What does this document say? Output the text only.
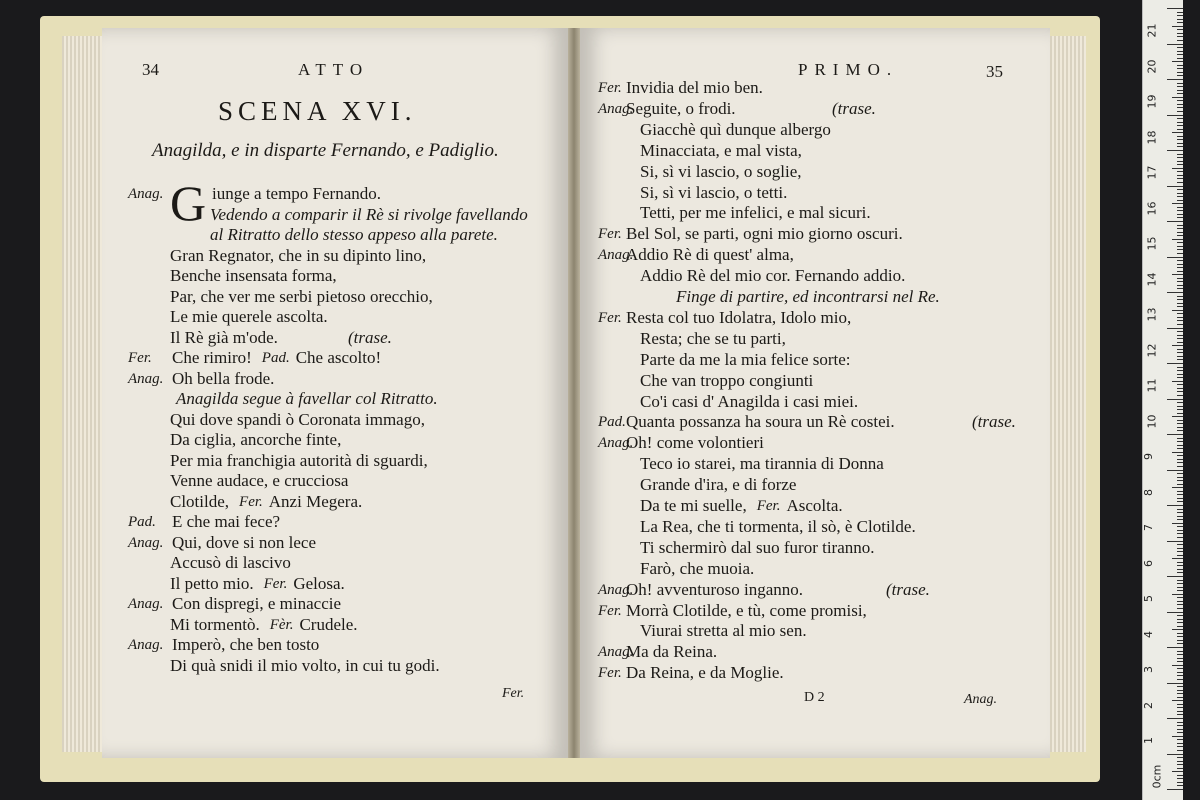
34	ATTO
SCENA XVI.
Anagilda, e in disparte Fernando, e Padiglio.
G
Fer.
PRIMO.	35
D 2	Anag.
Anag.	iunge a tempo Fernando.
Vedendo a comparir il Rè si rivolge favellando
al Ritratto dello stesso appeso alla parete.
Gran Regnator, che in su dipinto lino,
Benche insensata forma,
Par, che ver me serbi pietoso orecchio,
Le mie querele ascolta.
Il Rè già m'ode.	(trase.
Fer. Che rimiro! Pad. Che ascolto!
Anag. Oh bella frode.
Anagilda segue à favellar col Ritratto.
Qui dove spandi ò Coronata immago,
Da ciglia, ancorche finte,
Per mia franchigia autorità di sguardi,
Venne audace, e crucciosa
Clotilde, Fer. Anzi Megera.
Pad. E che mai fece?
Anag. Qui, dove si non lece
Accusò di lascivo
Il petto mio. Fer. Gelosa.
Anag. Con dispregi, e minaccie
Mi tormentò. Fèr. Crudele.
Anag. Imperò, che ben tosto
Di quà snidi il mio volto, in cui tu godi.
Fer. Invidia del mio ben.
Anag.
Seguite, o frodi.	(trase.
Giacchè quì dunque albergo
Minacciata, e mal vista,
Si, sì vi lascio, o soglie,
Si, sì vi lascio, o tetti.
Tetti, per me infelici, e mal sicuri.
Fer. Bel Sol, se parti, ogni mio giorno oscuri.
Anag.
Addio Rè di quest' alma,
Addio Rè del mio cor. Fernando addio.
Finge di partire, ed incontrarsi nel Re.
Fer. Resta col tuo Idolatra, Idolo mio,
Resta; che se tu parti,
Parte da me la mia felice sorte:
Che van troppo congiunti
Co'i casi d' Anagilda i casi miei.
Pad. Quanta possanza ha soura un Rè costei.	(trase.
Anag.
Oh! come volontieri
Teco io starei, ma tirannia di Donna
Grande d'ira, e di forze
Da te mi suelle, Fer. Ascolta.
La Rea, che ti tormenta, il sò, è Clotilde.
Ti schermirò dal suo furor tiranno.
Farò, che muoia.
Anag.
Oh! avventuroso inganno.	(trase.
Fer. Morrà Clotilde, e tù, come promisi,
Viurai stretta al mio sen.
Anag.
Ma da Reina.
Fer. Da Reina, e da Moglie.
21
20
19
18
17
16
15
14
13
12
11
10
9
8
7
6
5
4
3
2
1
0cm
